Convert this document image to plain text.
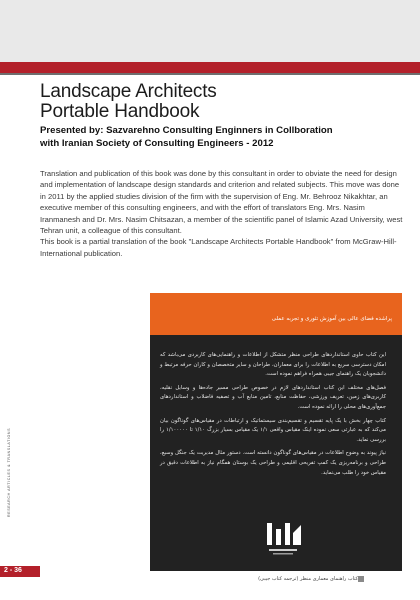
Landscape Architects
Portable Handbook
Presented by: Sazvarehno Consulting Enginners in Collboration
with Iranian Society of Consulting Engineers - 2012

Translation and publication of this book was done by this consultant in order to obviate the need for design and implementation of landscape design standards and criterion and related subjects. This move was done in 2011 by the applied studies division of the firm with the supervision of Eng. Mr. Behrooz Nikakhtar, an executive member of this consulting engineers, and with the effort of translators Eng. Mrs. Nasim Iranmanesh and Dr. Mrs. Nasim Chitsazan, a member of the scientific panel of Islamic Azad University, west Tehran unit, a colleague of this consultant.

This book is a partial translation of the book "Landscape Architects Portable Handbook" from McGraw-Hill-International publication.

پراشده فضای عالی بین آموزش تئوری و تجربه عملی

این کتاب حاوی استانداردهای طراحی منظر متشکل از اطلاعات و راهنمایی‌های کاربردی می‌باشد که امکان دسترسی سریع به اطلاعات را برای معماران، طراحان و سایر متخصصان و کاران حرفه مرتبط و دانشجویان یک راهنمای جیبی همراه فراهم نموده است.

فصل‌های مختلف این کتاب استانداردهای لازم در خصوص طراحی مسیر جاده‌ها و وسایل نقلیه، کاربری‌های زمین، تعریف ورزشی، حفاظت منابع، تامین منابع آب و تصفیه فاضلاب و استانداردهای جمع‌آوری‌های محلی را ارائه نموده است.

کتاب چهار بخش با یک پایه تقسیم و تقسیم‌بندی سیستماتیک و ارتباطات در مقیاس‌های گوناگون بیان می‌کند که به عبارتی سعی نموده اینک مقیاس واقعی ۱/۱ یک مقیاس بسیار بزرگ ۱/۱۰ تا ۱/۱۰۰۰۰۰ را بررسی نماید.

نیاز پیوند به وضوح اطلاعات در مقیاس‌های گوناگون دانسته است. دستور مثال مدیریت یک جنگل وسیع، طراحی و برنامه‌ریزی یک کمپ تفریحی اقلیمی و طراحی یک بوستان همگام نیاز به اطلاعات دقیق در مقیاس خود را طلب می‌نماید.

RESEARCH ARTICLES & TRANSLATIONS
2 - 36
کتاب راهنمای معماری منظر (ترجمه کتاب جیبی)
